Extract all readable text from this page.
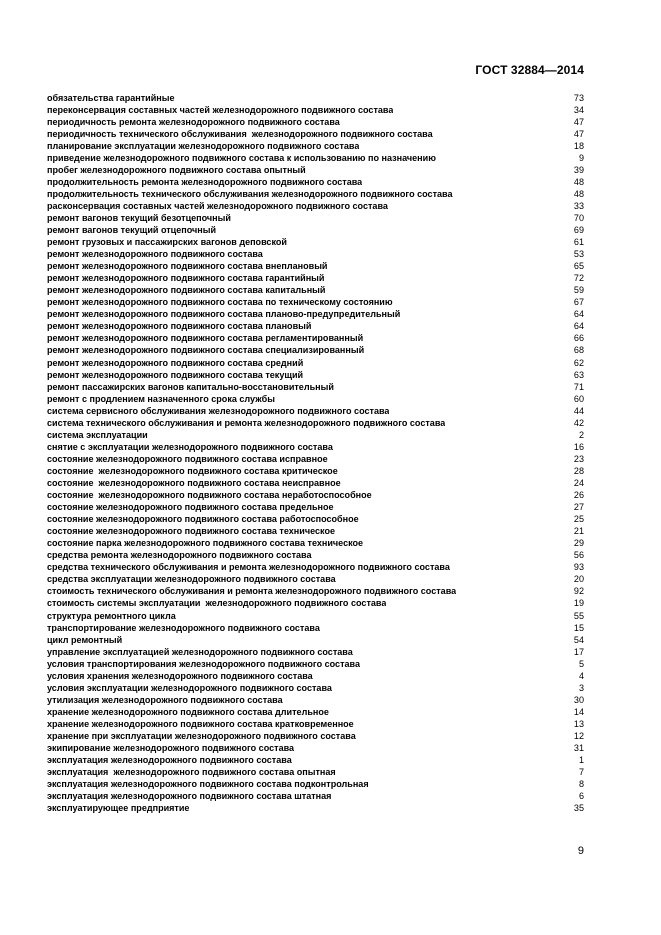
ГОСТ 32884—2014
обязательства гарантийные	73
переконсервация составных частей железнодорожного подвижного состава	34
периодичность ремонта железнодорожного подвижного состава	47
периодичность технического обслуживания  железнодорожного подвижного состава	47
планирование эксплуатации железнодорожного подвижного состава	18
приведение железнодорожного подвижного состава к использованию по назначению	9
пробег железнодорожного подвижного состава опытный	39
продолжительность ремонта железнодорожного подвижного состава	48
продолжительность технического обслуживания железнодорожного подвижного состава	48
расконсервация составных частей железнодорожного подвижного состава	33
ремонт вагонов текущий безотцепочный	70
ремонт вагонов текущий отцепочный	69
ремонт грузовых и пассажирских вагонов деповской	61
ремонт железнодорожного подвижного состава	53
ремонт железнодорожного подвижного состава внеплановый	65
ремонт железнодорожного подвижного состава гарантийный	72
ремонт железнодорожного подвижного состава капитальный	59
ремонт железнодорожного подвижного состава по техническому состоянию	67
ремонт железнодорожного подвижного состава планово-предупредительный	64
ремонт железнодорожного подвижного состава плановый	64
ремонт железнодорожного подвижного состава регламентированный	66
ремонт железнодорожного подвижного состава специализированный	68
ремонт железнодорожного подвижного состава средний	62
ремонт железнодорожного подвижного состава текущий	63
ремонт пассажирских вагонов капитально-восстановительный	71
ремонт с продлением назначенного срока службы	60
система сервисного обслуживания железнодорожного подвижного состава	44
система технического обслуживания и ремонта железнодорожного подвижного состава	42
система эксплуатации	2
снятие с эксплуатации железнодорожного подвижного состава	16
состояние железнодорожного подвижного состава исправное	23
состояние  железнодорожного подвижного состава критическое	28
состояние  железнодорожного подвижного состава неисправное	24
состояние  железнодорожного подвижного состава неработоспособное	26
состояние железнодорожного подвижного состава предельное	27
состояние железнодорожного подвижного состава работоспособное	25
состояние железнодорожного подвижного состава техническое	21
состояние парка железнодорожного подвижного состава техническое	29
средства ремонта железнодорожного подвижного состава	56
средства технического обслуживания и ремонта железнодорожного подвижного состава	93
средства эксплуатации железнодорожного подвижного состава	20
стоимость технического обслуживания и ремонта железнодорожного подвижного состава	92
стоимость системы эксплуатации  железнодорожного подвижного состава	19
структура ремонтного цикла	55
транспортирование железнодорожного подвижного состава	15
цикл ремонтный	54
управление эксплуатацией железнодорожного подвижного состава	17
условия транспортирования железнодорожного подвижного состава	5
условия хранения железнодорожного подвижного состава	4
условия эксплуатации железнодорожного подвижного состава	3
утилизация железнодорожного подвижного состава	30
хранение железнодорожного подвижного состава длительное	14
хранение железнодорожного подвижного состава кратковременное	13
хранение при эксплуатации железнодорожного подвижного состава	12
экипирование железнодорожного подвижного состава	31
эксплуатация железнодорожного подвижного состава	1
эксплуатация  железнодорожного подвижного состава опытная	7
эксплуатация железнодорожного подвижного состава подконтрольная	8
эксплуатация железнодорожного подвижного состава штатная	6
эксплуатирующее предприятие	35
9
